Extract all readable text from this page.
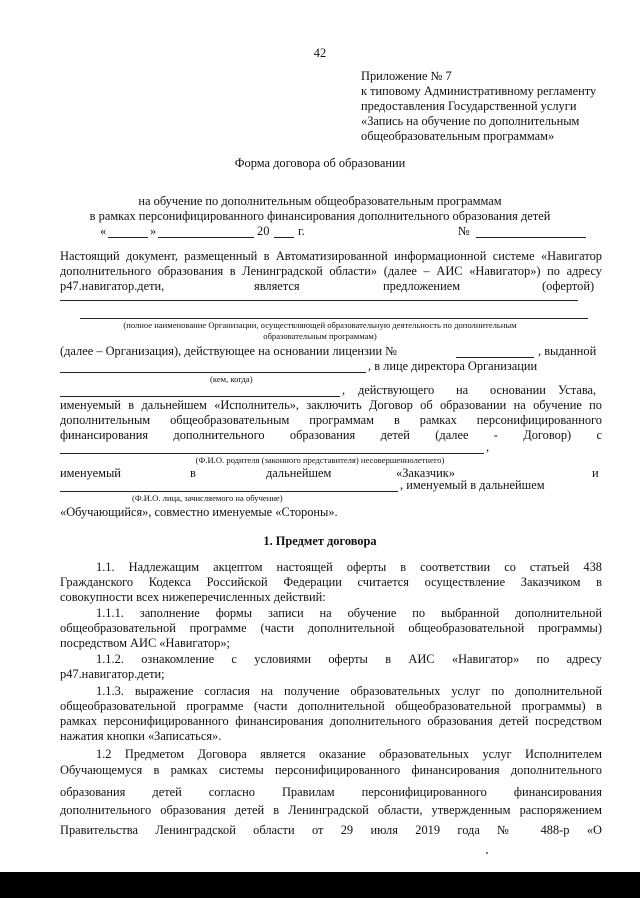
42
Приложение № 7
к типовому Административному регламенту
предоставления Государственной услуги
«Запись на обучение по дополнительным
общеобразовательным программам»
Форма договора об образовании
на обучение по дополнительным общеобразовательным программам
в рамках персонифицированного финансирования дополнительного образования детей
«	»	20 г.	№
Настоящий документ, размещенный в Автоматизированной информационной системе «Навигатор
дополнительного образования в Ленинградской области» (далее – АИС «Навигатор») по адресу
р47.навигатор.дети,	является	предложением	(офертой)
(полное наименование Организации, осуществляющей образовательную деятельность по дополнительным
образовательным программам)
(далее – Организация), действующее на основании лицензии №	, выданной
, в лице директора Организации
(кем, когда)
, действующего на основании Устава,
именуемый в дальнейшем «Исполнитель», заключить Договор об образовании на обучение по
дополнительным общеобразовательным программам в рамках персонифицированного
финансирования дополнительного образования детей (далее - Договор) с
,
(Ф.И.О. родителя (законного представителя) несовершеннолетнего)
именуемый	в	дальнейшем	«Заказчик»	и
, именуемый в дальнейшем
(Ф.И.О. лица, зачисляемого на обучение)
«Обучающийся», совместно именуемые «Стороны».
1. Предмет договора
1.1. Надлежащим акцептом настоящей оферты в соответствии со статьей 438
Гражданского Кодекса Российской Федерации считается осуществление Заказчиком в
совокупности всех нижеперечисленных действий:
1.1.1. заполнение формы записи на обучение по выбранной дополнительной
общеобразовательной программе (части дополнительной общеобразовательной программы)
посредством АИС «Навигатор»;
1.1.2. ознакомление с условиями оферты в АИС «Навигатор» по адресу
р47.навигатор.дети;
1.1.3. выражение согласия на получение образовательных услуг по дополнительной
общеобразовательной программе (части дополнительной общеобразовательной программы) в
рамках персонифицированного финансирования дополнительного образования детей посредством
нажатия кнопки «Записаться».
1.2 Предметом Договора является оказание образовательных услуг Исполнителем
Обучающемуся в рамках системы персонифицированного финансирования дополнительного
образования детей согласно Правилам персонифицированного финансирования
дополнительного образования детей в Ленинградской области, утвержденным распоряжением
Правительства Ленинградской области от 29 июля 2019 года № 488-р «О
